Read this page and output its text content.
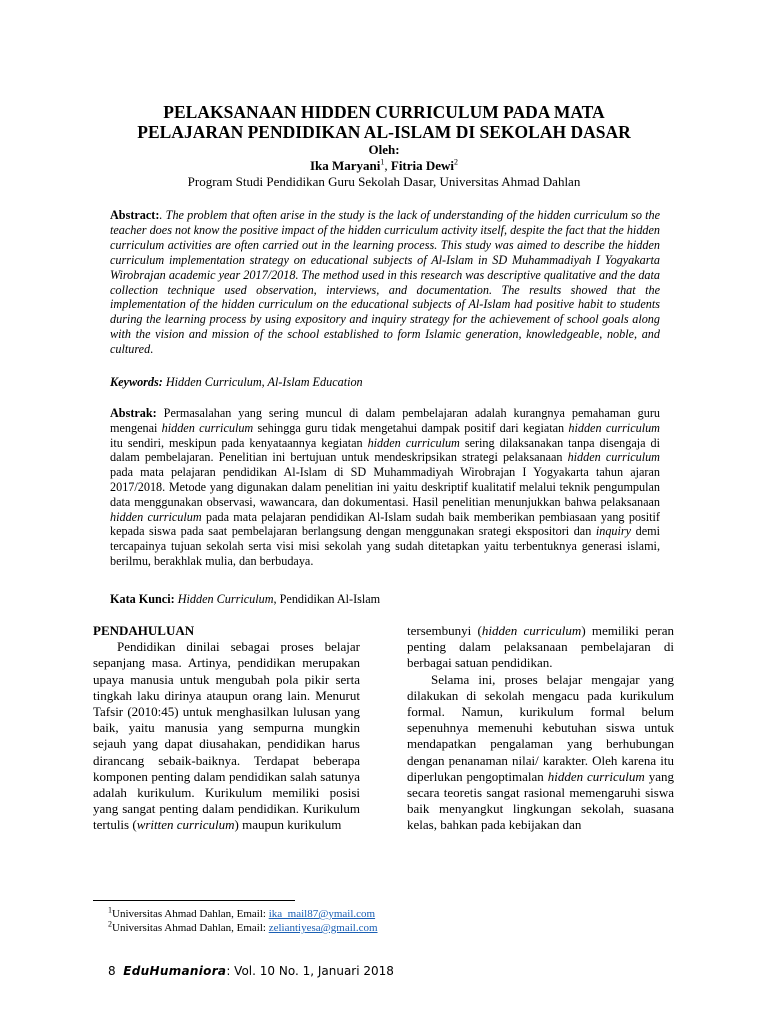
PELAKSANAAN HIDDEN CURRICULUM PADA MATA
PELAJARAN PENDIDIKAN AL-ISLAM DI SEKOLAH DASAR
Oleh:
Ika Maryani$^1$, Fitria Dewi$^2$
Program Studi Pendidikan Guru Sekolah Dasar, Universitas Ahmad Dahlan
Abstract:. The problem that often arise in the study is the lack of understanding of the hidden curriculum so the teacher does not know the positive impact of the hidden curriculum activity itself, despite the fact that the hidden curriculum activities are often carried out in the learning process. This study was aimed to describe the hidden curriculum implementation strategy on educational subjects of Al-Islam in SD Muhammadiyah I Yogyakarta Wirobrajan academic year 2017/2018. The method used in this research was descriptive qualitative and the data collection technique used observation, interviews, and documentation. The results showed that the implementation of the hidden curriculum on the educational subjects of Al-Islam had positive habit to students during the learning process by using expository and inquiry strategy for the achievement of school goals along with the vision and mission of the school established to form Islamic generation, knowledgeable, noble, and cultured.
Keywords: Hidden Curriculum, Al-Islam Education
Abstrak: Permasalahan yang sering muncul di dalam pembelajaran adalah kurangnya pemahaman guru mengenai hidden curriculum sehingga guru tidak mengetahui dampak positif dari kegiatan hidden curriculum itu sendiri, meskipun pada kenyataannya kegiatan hidden curriculum sering dilaksanakan tanpa disengaja di dalam pembelajaran. Penelitian ini bertujuan untuk mendeskripsikan strategi pelaksanaan hidden curriculum pada mata pelajaran pendidikan Al-Islam di SD Muhammadiyah Wirobrajan I Yogyakarta tahun ajaran 2017/2018. Metode yang digunakan dalam penelitian ini yaitu deskriptif kualitatif melalui teknik pengumpulan data menggunakan observasi, wawancara, dan dokumentasi. Hasil penelitian menunjukkan bahwa pelaksanaan hidden curriculum pada mata pelajaran pendidikan Al-Islam sudah baik memberikan pembiasaan yang positif kepada siswa pada saat pembelajaran berlangsung dengan menggunakan srategi ekspositori dan inquiry demi tercapainya tujuan sekolah serta visi misi sekolah yang sudah ditetapkan yaitu terbentuknya generasi islami, berilmu, berakhlak mulia, dan berbudaya.
Kata Kunci: Hidden Curriculum, Pendidikan Al-Islam

PENDAHULUAN

Pendidikan dinilai sebagai proses belajar sepanjang masa. Artinya, pendidikan merupakan upaya manusia untuk mengubah pola pikir serta tingkah laku dirinya ataupun orang lain. Menurut Tafsir (2010:45) untuk menghasilkan lulusan yang baik, yaitu manusia yang sempurna mungkin sejauh yang dapat diusahakan, pendidikan harus dirancang sebaik-baiknya. Terdapat beberapa komponen penting dalam pendidikan salah satunya adalah kurikulum. Kurikulum memiliki posisi yang sangat penting dalam pendidikan. Kurikulum tertulis (written curriculum) maupun kurikulum

tersembunyi (hidden curriculum) memiliki peran penting dalam pelaksanaan pembelajaran di berbagai satuan pendidikan.

Selama ini, proses belajar mengajar yang dilakukan di sekolah mengacu pada kurikulum formal. Namun, kurikulum formal belum sepenuhnya memenuhi kebutuhan siswa untuk mendapatkan pengalaman yang berhubungan dengan penanaman nilai/ karakter. Oleh karena itu diperlukan pengoptimalan hidden curriculum yang secara teoretis sangat rasional memengaruhi siswa baik menyangkut lingkungan sekolah, suasana kelas, bahkan pada kebijakan dan

$^1$Universitas Ahmad Dahlan, Email: ika_mail87@ymail.com
$^2$Universitas Ahmad Dahlan, Email: zeliantiyesa@gmail.com
8 EduHumaniora: Vol. 10 No. 1, Januari 2018
